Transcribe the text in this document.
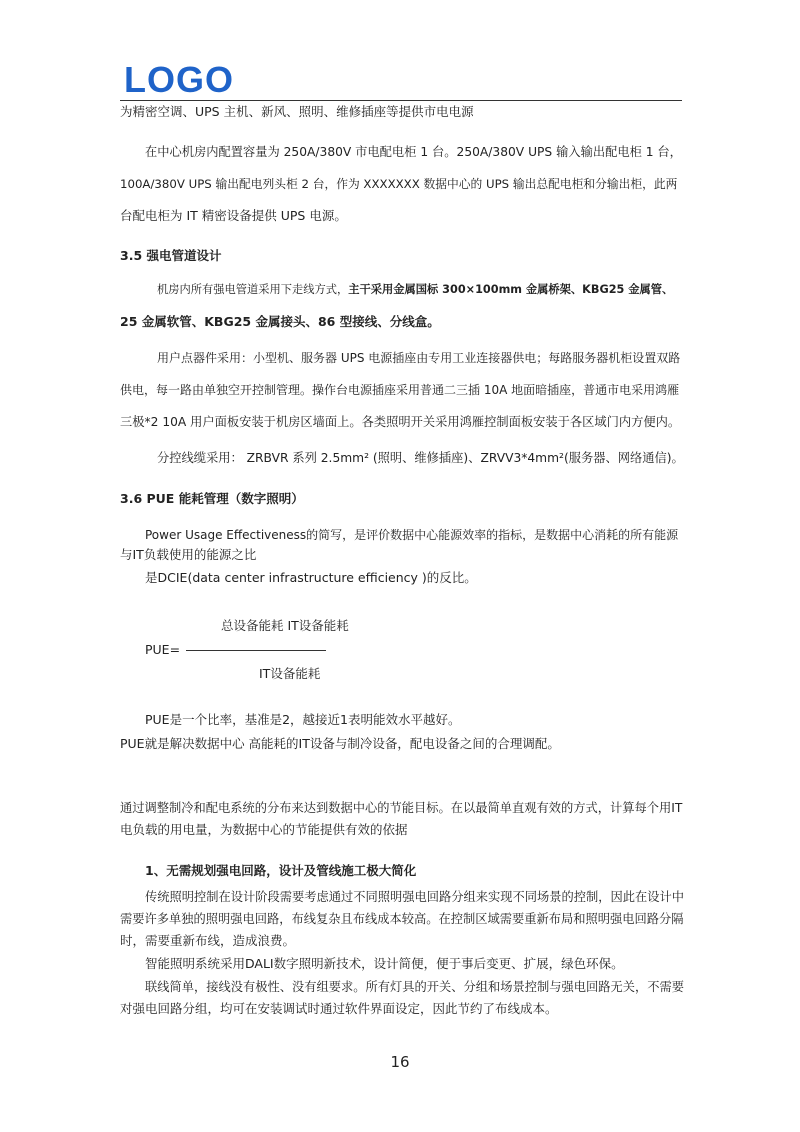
LOGO

为精密空调、UPS 主机、新风、照明、维修插座等提供市电电源

在中心机房内配置容量为 250A/380V 市电配电柜 1 台。250A/380V UPS 输入输出配电柜 1 台，

100A/380V UPS 输出配电列头柜 2 台，作为 XXXXXXX 数据中心的 UPS 输出总配电柜和分输出柜，此两

台配电柜为 IT 精密设备提供 UPS 电源。

3.5 强电管道设计

机房内所有强电管道采用下走线方式，主干采用金属国标 300×100mm 金属桥架、KBG25 金属管、

25 金属软管、KBG25 金属接头、86 型接线、分线盒。

用户点器件采用：小型机、服务器 UPS 电源插座由专用工业连接器供电；每路服务器机柜设置双路

供电，每一路由单独空开控制管理。操作台电源插座采用普通二三插 10A 地面暗插座，普通市电采用鸿雁

三极*2 10A 用户面板安装于机房区墙面上。各类照明开关采用鸿雁控制面板安装于各区域门内方便内。

分控线缆采用： ZRBVR 系列 2.5mm² (照明、维修插座)、ZRVV3*4mm²(服务器、网络通信)。

3.6 PUE 能耗管理（数字照明）

Power Usage Effectiveness的简写，是评价数据中心能源效率的指标，是数据中心消耗的所有能源

与IT负载使用的能源之比

是DCIE(data center infrastructure efficiency )的反比。

总设备能耗 IT设备能耗

PUE=

IT设备能耗

PUE是一个比率，基准是2，越接近1表明能效水平越好。

PUE就是解决数据中心 高能耗的IT设备与制冷设备，配电设备之间的合理调配。

通过调整制冷和配电系统的分布来达到数据中心的节能目标。在以最简单直观有效的方式，计算每个用IT

电负载的用电量，为数据中心的节能提供有效的依据

1、无需规划强电回路，设计及管线施工极大简化

传统照明控制在设计阶段需要考虑通过不同照明强电回路分组来实现不同场景的控制，因此在设计中

需要许多单独的照明强电回路，布线复杂且布线成本较高。在控制区域需要重新布局和照明强电回路分隔

时，需要重新布线，造成浪费。

智能照明系统采用DALI数字照明新技术，设计简便，便于事后变更、扩展，绿色环保。

联线简单，接线没有极性、没有组要求。所有灯具的开关、分组和场景控制与强电回路无关，不需要

对强电回路分组，均可在安装调试时通过软件界面设定，因此节约了布线成本。

16
